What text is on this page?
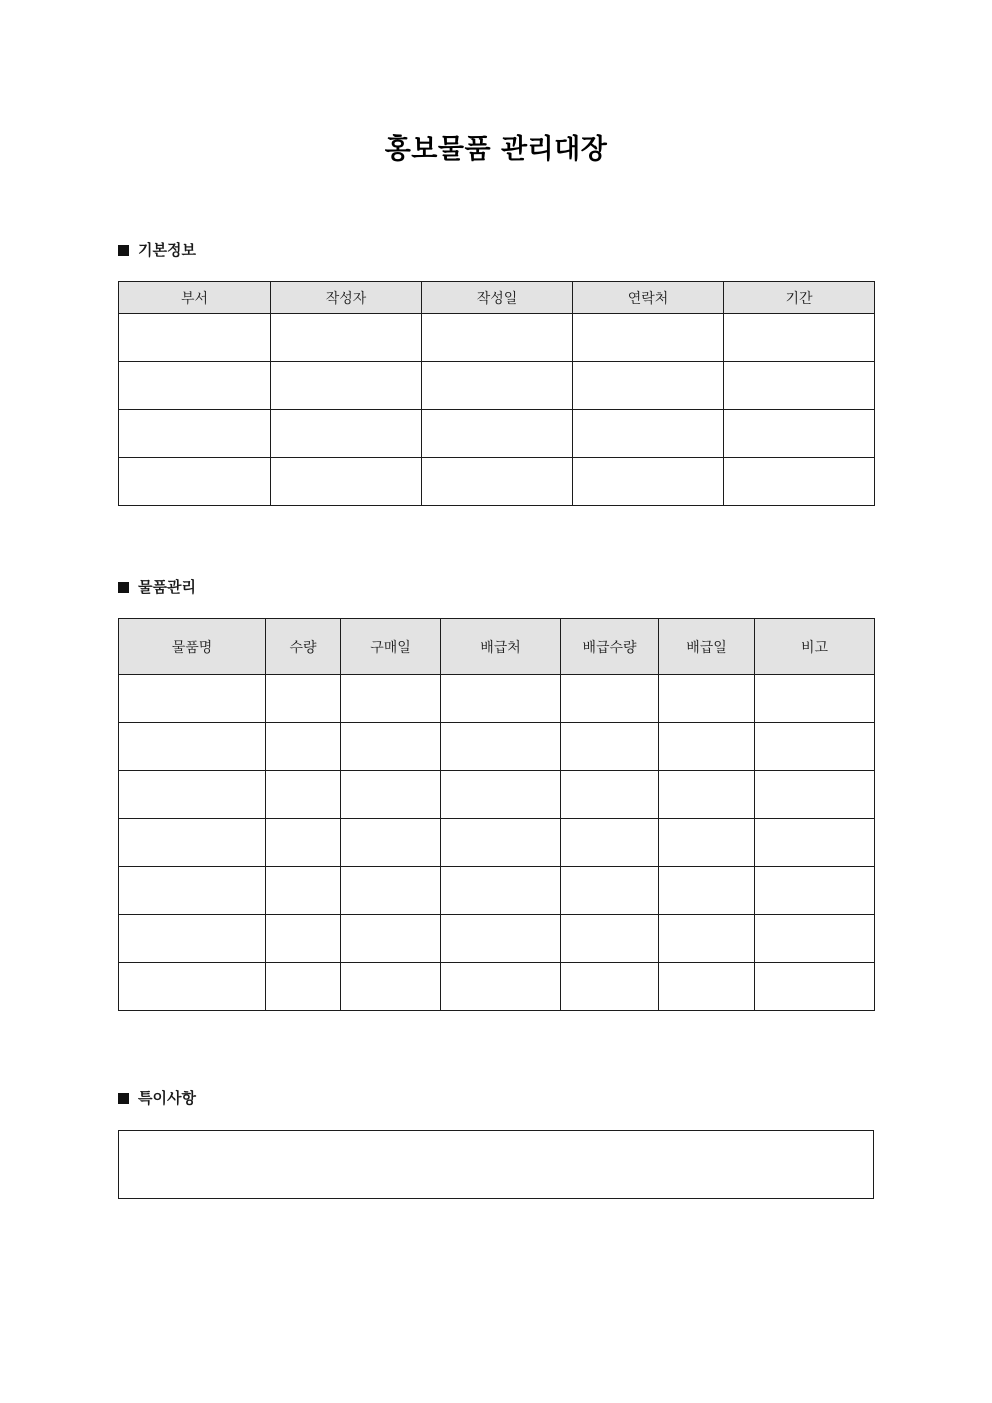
홍보물품 관리대장
기본정보
부서	작성자	작성일	연락처	기간

물품관리
물품명	수량	구매일	배급처	배급수량	배급일	비고

특이사항
